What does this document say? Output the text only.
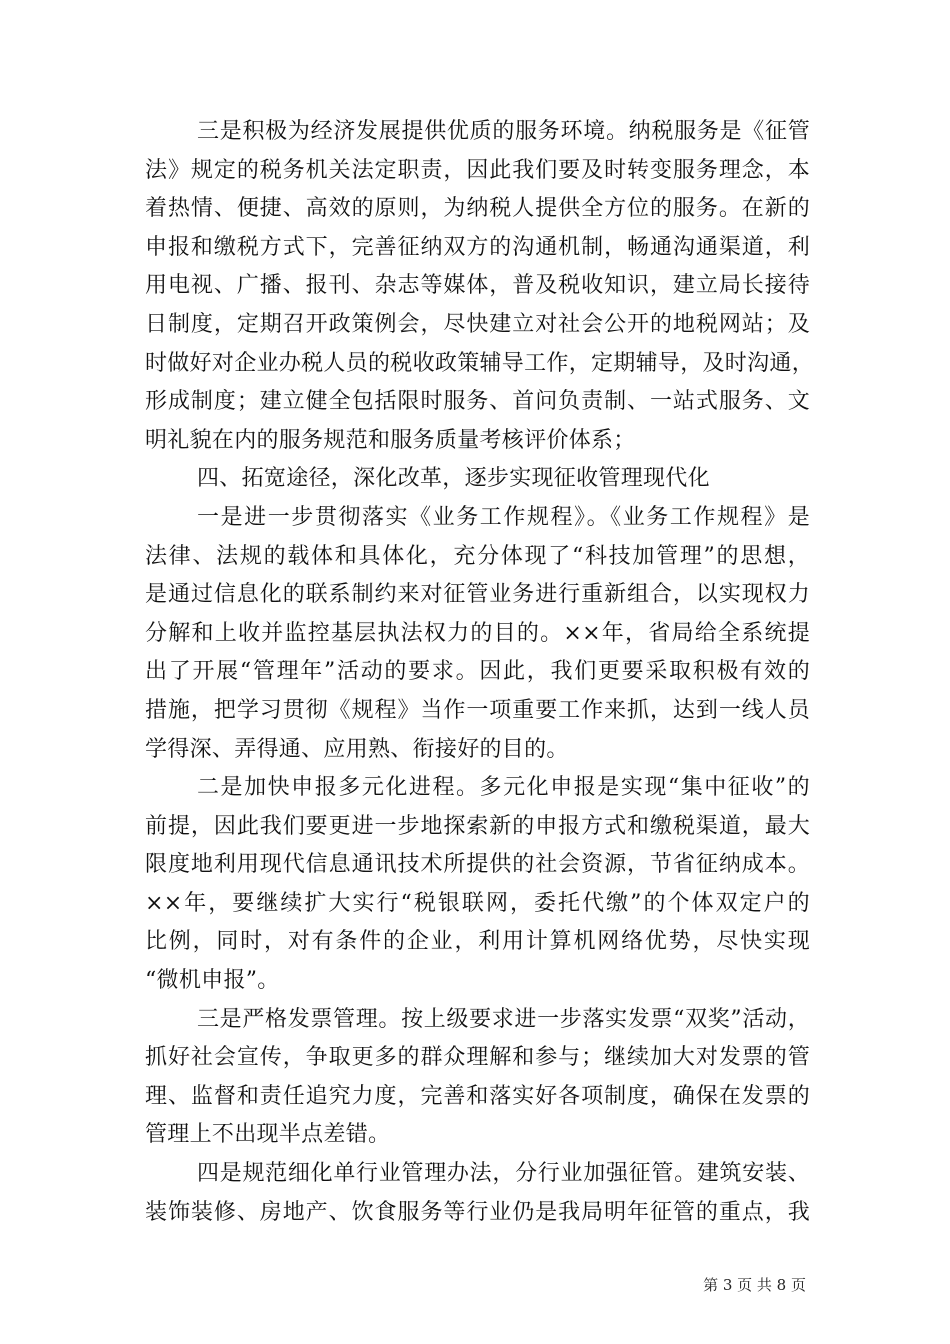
三是积极为经济发展提供优质的服务环境。纳税服务是《征管
法》规定的税务机关法定职责，因此我们要及时转变服务理念，本
着热情、便捷、高效的原则，为纳税人提供全方位的服务。在新的
申报和缴税方式下，完善征纳双方的沟通机制，畅通沟通渠道，利
用电视、广播、报刊、杂志等媒体，普及税收知识，建立局长接待
日制度，定期召开政策例会，尽快建立对社会公开的地税网站；及
时做好对企业办税人员的税收政策辅导工作，定期辅导，及时沟通，
形成制度；建立健全包括限时服务、首问负责制、一站式服务、文
明礼貌在内的服务规范和服务质量考核评价体系；
四、拓宽途径，深化改革，逐步实现征收管理现代化
一是进一步贯彻落实《业务工作规程》。《业务工作规程》是
法律、法规的载体和具体化，充分体现了“科技加管理”的思想，
是通过信息化的联系制约来对征管业务进行重新组合，以实现权力
分解和上收并监控基层执法权力的目的。××年，省局给全系统提
出了开展“管理年”活动的要求。因此，我们更要采取积极有效的
措施，把学习贯彻《规程》当作一项重要工作来抓，达到一线人员
学得深、弄得通、应用熟、衔接好的目的。
二是加快申报多元化进程。多元化申报是实现“集中征收”的
前提，因此我们要更进一步地探索新的申报方式和缴税渠道，最大
限度地利用现代信息通讯技术所提供的社会资源，节省征纳成本。
××年，要继续扩大实行“税银联网，委托代缴”的个体双定户的
比例，同时，对有条件的企业，利用计算机网络优势，尽快实现
“微机申报”。
三是严格发票管理。按上级要求进一步落实发票“双奖”活动，
抓好社会宣传，争取更多的群众理解和参与；继续加大对发票的管
理、监督和责任追究力度，完善和落实好各项制度，确保在发票的
管理上不出现半点差错。
四是规范细化单行业管理办法，分行业加强征管。建筑安装、
装饰装修、房地产、饮食服务等行业仍是我局明年征管的重点，我
第 3 页 共 8 页
